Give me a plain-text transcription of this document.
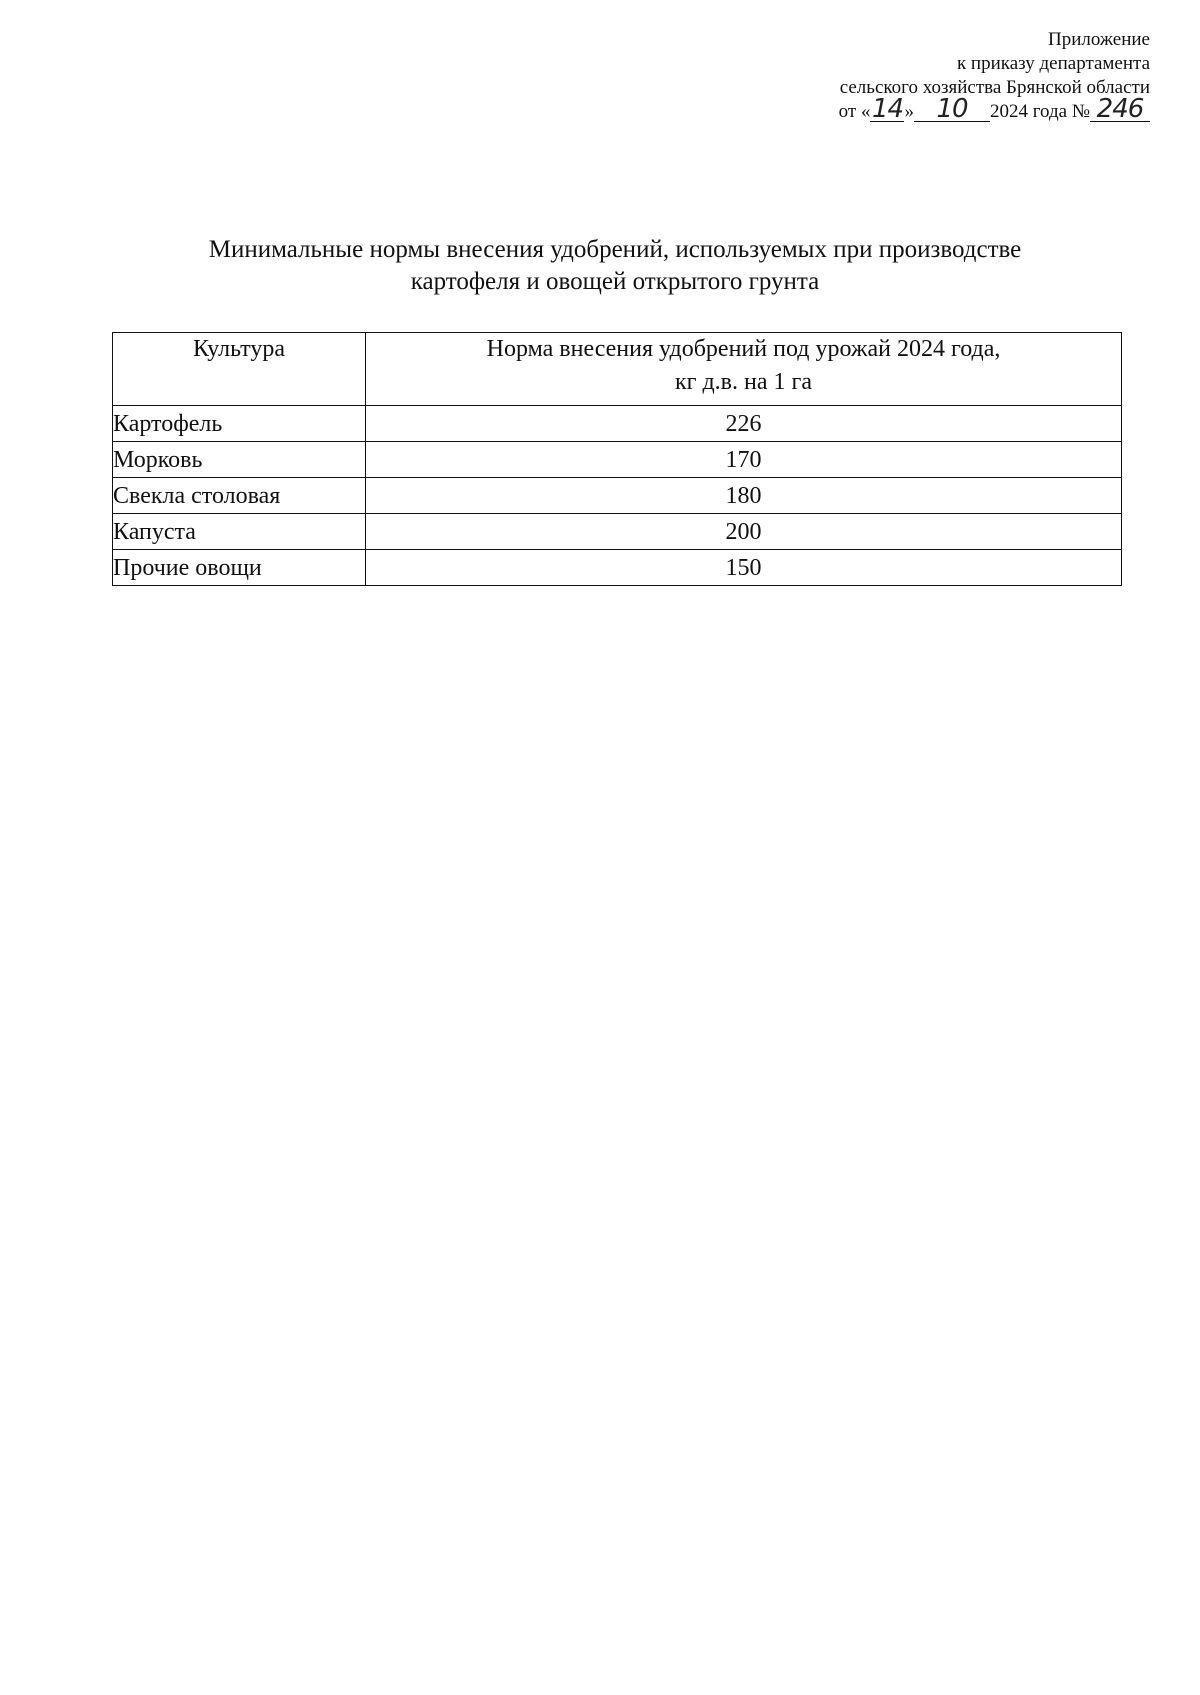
Приложение
к приказу департамента
сельского хозяйства Брянской области
от «14» 10 2024 года № 246
Минимальные нормы внесения удобрений, используемых при производстве
картофеля и овощей открытого грунта
Культура	Норма внесения удобрений под урожай 2024 года,
кг д.в. на 1 га

Картофель	226
Морковь	170
Свекла столовая	180
Капуста	200
Прочие овощи	150
